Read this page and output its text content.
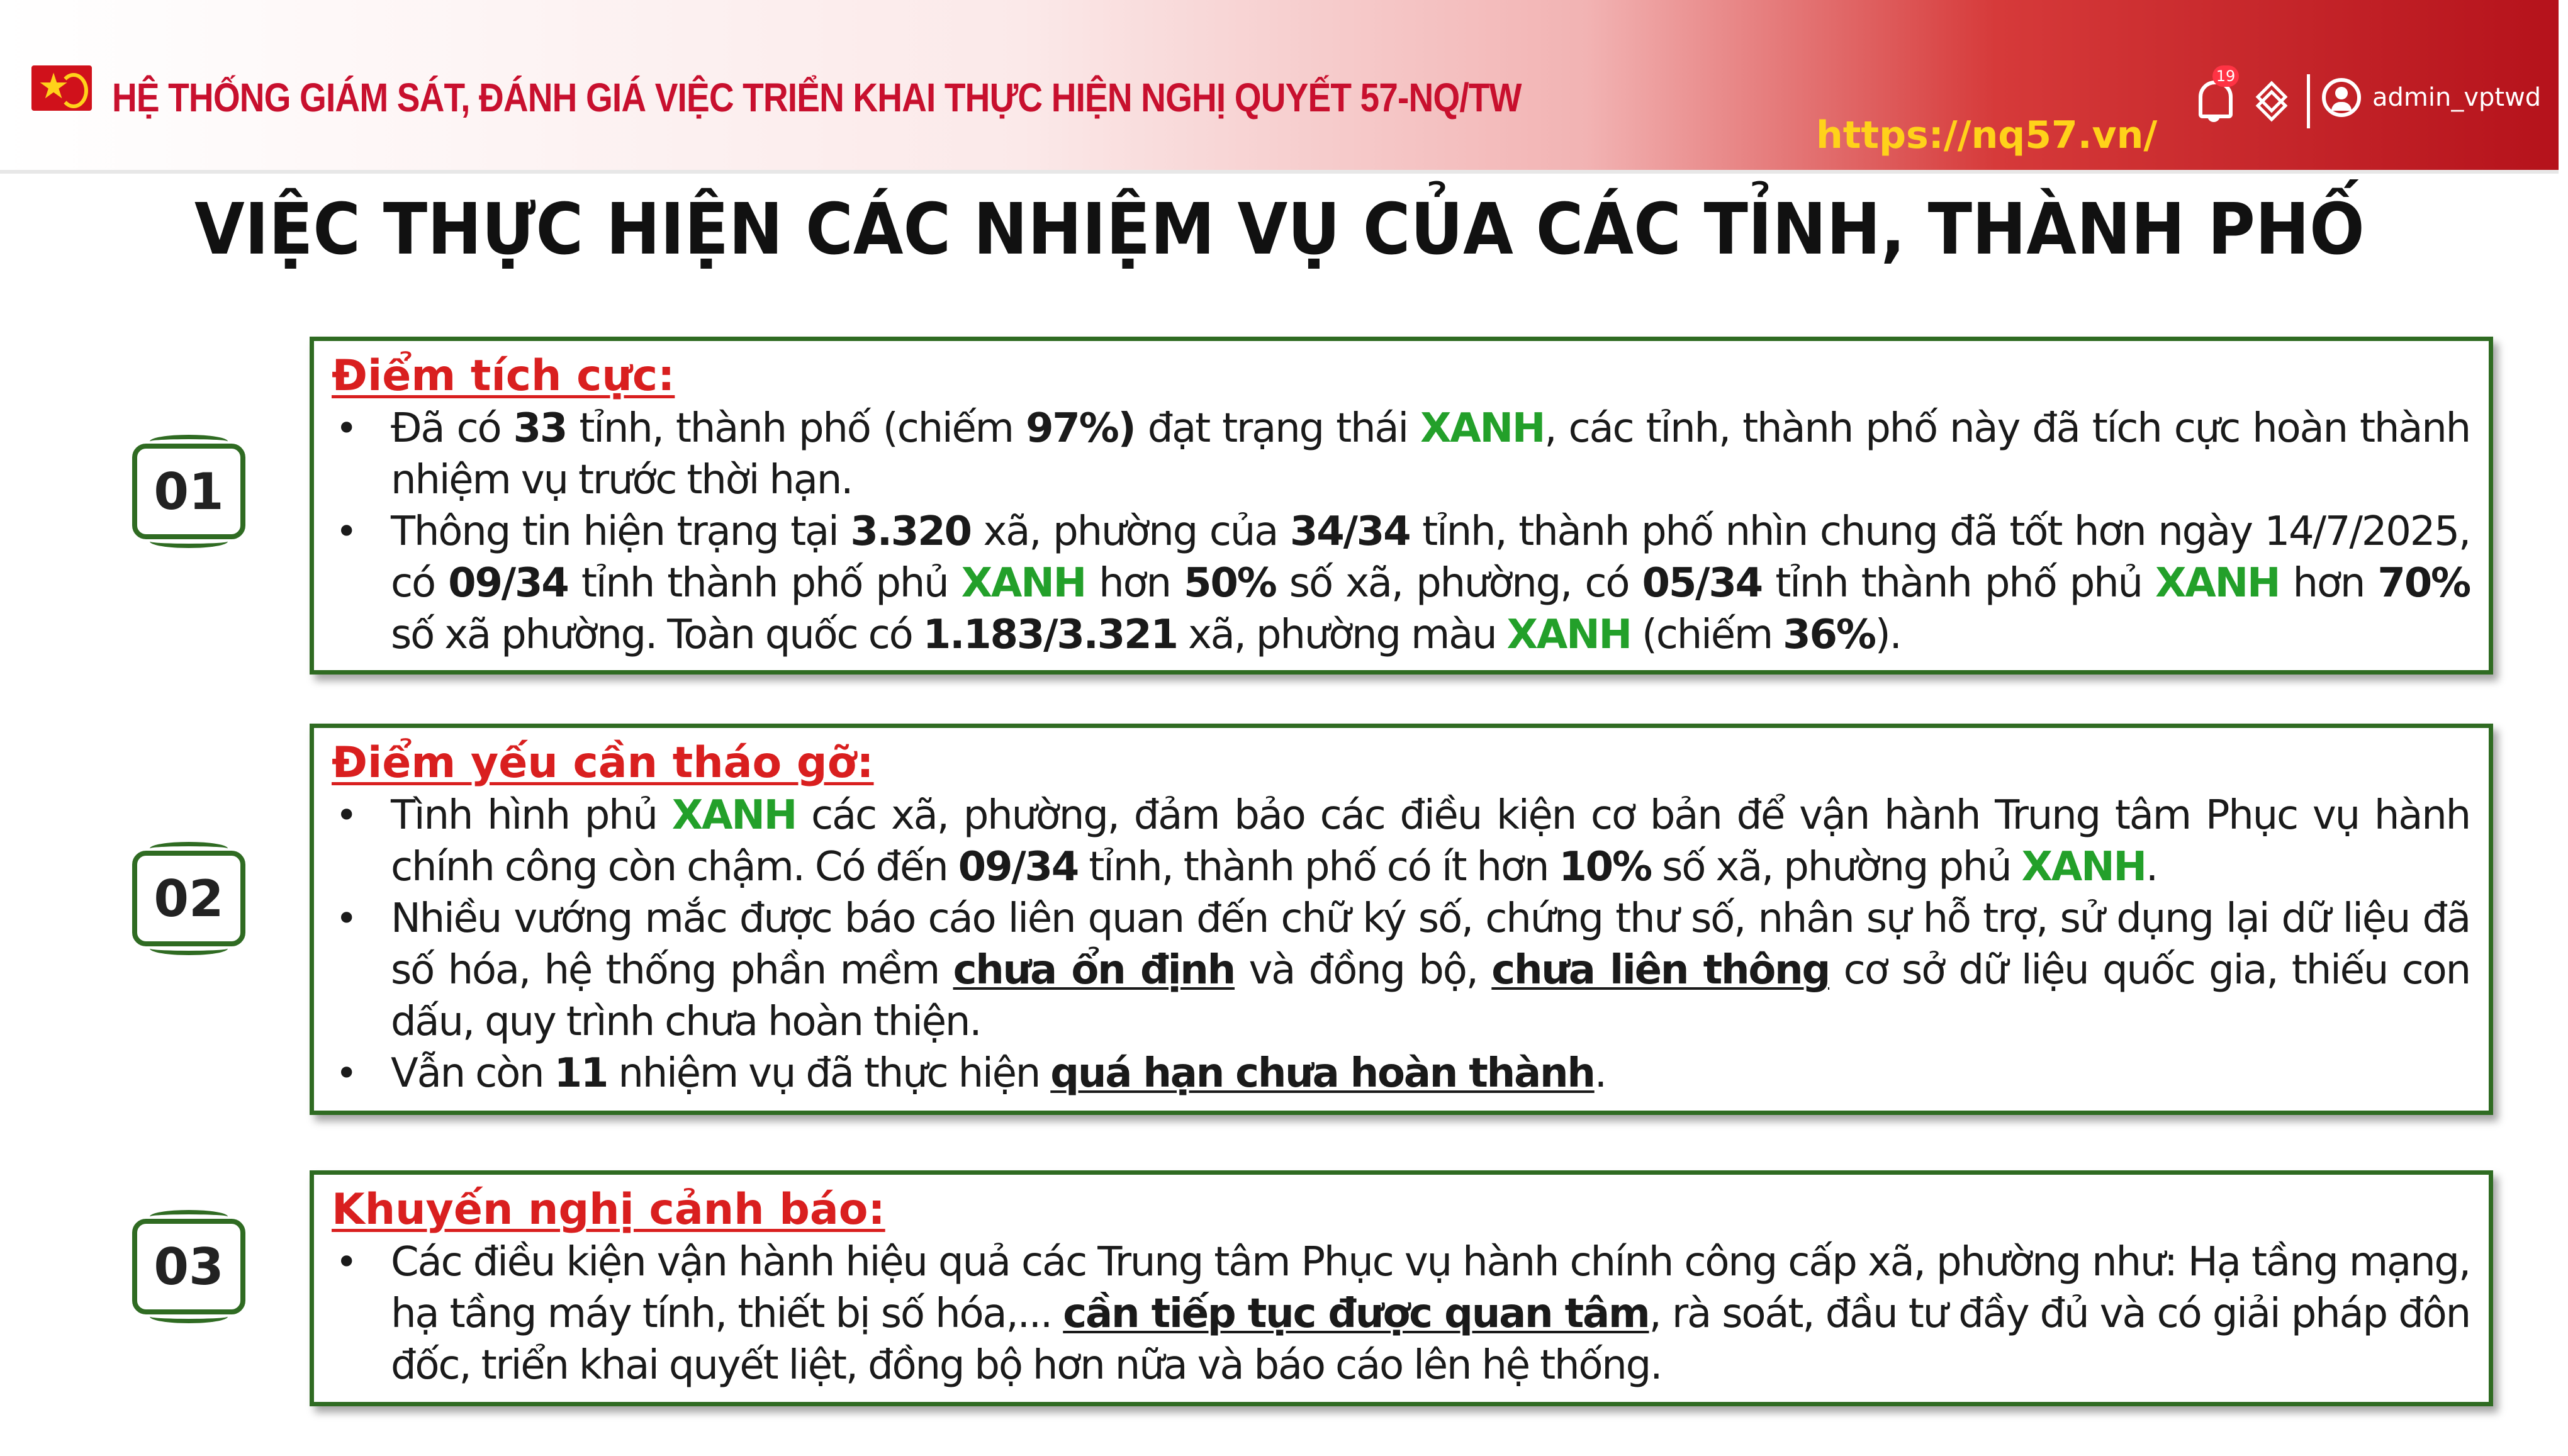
★ HỆ THỐNG GIÁM SÁT, ĐÁNH GIÁ VIỆC TRIỂN KHAI THỰC HIỆN NGHỊ QUYẾT 57-NQ/TW
https://nq57.vn/
19
admin_vptwd ▾
VIỆC THỰC HIỆN CÁC NHIỆM VỤ CỦA CÁC TỈNH, THÀNH PHỐ
01
Điểm tích cực:
• Đã có 33 tỉnh, thành phố (chiếm 97%) đạt trạng thái XANH, các tỉnh, thành phố này đã tích cực hoàn thành nhiệm vụ trước thời hạn.
• Thông tin hiện trạng tại 3.320 xã, phường của 34/34 tỉnh, thành phố nhìn chung đã tốt hơn ngày 14/7/2025, có 09/34 tỉnh thành phố phủ XANH hơn 50% số xã, phường, có 05/34 tỉnh thành phố phủ XANH hơn 70% số xã phường. Toàn quốc có 1.183/3.321 xã, phường màu XANH (chiếm 36%).
02
Điểm yếu cần tháo gỡ:
• Tình hình phủ XANH các xã, phường, đảm bảo các điều kiện cơ bản để vận hành Trung tâm Phục vụ hành chính công còn chậm. Có đến 09/34 tỉnh, thành phố có ít hơn 10% số xã, phường phủ XANH.
• Nhiều vướng mắc được báo cáo liên quan đến chữ ký số, chứng thư số, nhân sự hỗ trợ, sử dụng lại dữ liệu đã số hóa, hệ thống phần mềm chưa ổn định và đồng bộ, chưa liên thông cơ sở dữ liệu quốc gia, thiếu con dấu, quy trình chưa hoàn thiện.
• Vẫn còn 11 nhiệm vụ đã thực hiện quá hạn chưa hoàn thành.
03
Khuyến nghị cảnh báo:
• Các điều kiện vận hành hiệu quả các Trung tâm Phục vụ hành chính công cấp xã, phường như: Hạ tầng mạng, hạ tầng máy tính, thiết bị số hóa,... cần tiếp tục được quan tâm, rà soát, đầu tư đầy đủ và có giải pháp đôn đốc, triển khai quyết liệt, đồng bộ hơn nữa và báo cáo lên hệ thống.
